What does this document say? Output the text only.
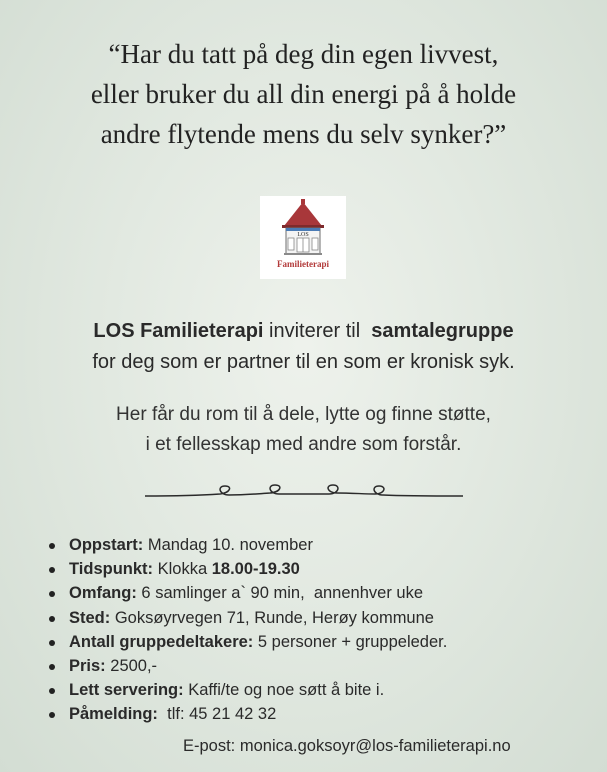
“Har du tatt på deg din egen livvest,
eller bruker du all din energi på å holde
andre flytende mens du selv synker?”
LOS
Familieterapi
LOS Familieterapi inviterer til  samtalegruppe
for deg som er partner til en som er kronisk syk.
Her får du rom til å dele, lytte og finne støtte,
i et fellesskap med andre som forstår.
Oppstart: Mandag 10. november
Tidspunkt: Klokka 18.00-19.30
Omfang: 6 samlinger a` 90 min,  annenhver uke
Sted: Goksøyrvegen 71, Runde, Herøy kommune
Antall gruppedeltakere: 5 personer + gruppeleder.
Pris: 2500,-
Lett servering: Kaffi/te og noe søtt å bite i.
Påmelding:  tlf: 45 21 42 32
E-post: monica.goksoyr@los-familieterapi.no
